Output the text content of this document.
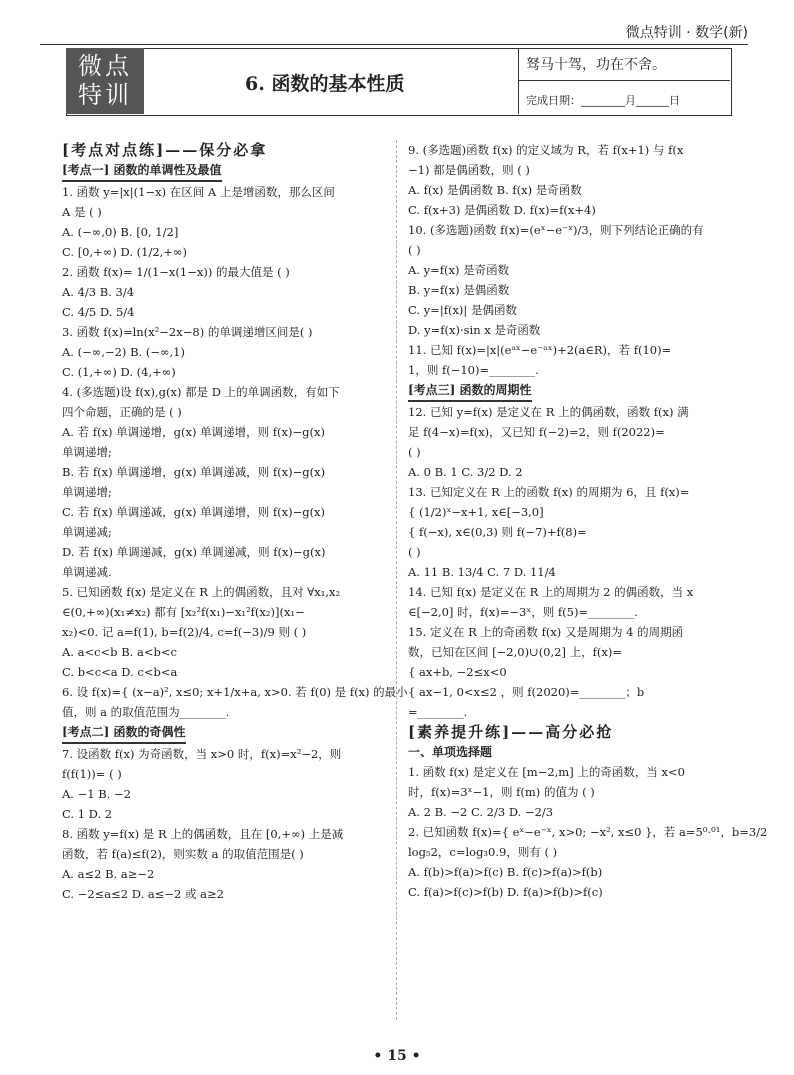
微点特训 · 数学(新)
微点
特训	6. 函数的基本性质
驽马十驾，功在不舍。
完成日期：________月______日
[考点对点练]——保分必拿
[考点一] 函数的单调性及最值
1. 函数 y=|x|(1−x) 在区间 A 上是增函数，那么区间
A 是 ( )
A. (−∞,0) B. [0, 1/2]
C. [0,+∞) D. (1/2,+∞)
2. 函数 f(x)= 1/(1−x(1−x)) 的最大值是 ( )
A. 4/3 B. 3/4
C. 4/5 D. 5/4
3. 函数 f(x)=ln(x²−2x−8) 的单调递增区间是( )
A. (−∞,−2) B. (−∞,1)
C. (1,+∞) D. (4,+∞)
4. (多选题)设 f(x),g(x) 都是 D 上的单调函数，有如下
四个命题，正确的是 ( )
A. 若 f(x) 单调递增，g(x) 单调递增，则 f(x)−g(x)
单调递增;
B. 若 f(x) 单调递增，g(x) 单调递减，则 f(x)−g(x)
单调递增;
C. 若 f(x) 单调递减，g(x) 单调递增，则 f(x)−g(x)
单调递减;
D. 若 f(x) 单调递减，g(x) 单调递减，则 f(x)−g(x)
单调递减.
5. 已知函数 f(x) 是定义在 R 上的偶函数，且对 ∀x₁,x₂
∈(0,+∞)(x₁≠x₂) 都有 [x₂²f(x₁)−x₁²f(x₂)](x₁−
x₂)<0. 记 a=f(1), b=f(2)/4, c=f(−3)/9 则 ( )
A. a<c<b B. a<b<c
C. b<c<a D. c<b<a
6. 设 f(x)={ (x−a)², x≤0; x+1/x+a, x>0. 若 f(0) 是 f(x) 的最小
值，则 a 的取值范围为________.
[考点二] 函数的奇偶性
7. 设函数 f(x) 为奇函数，当 x>0 时，f(x)=x²−2，则
f(f(1))= ( )
A. −1 B. −2
C. 1 D. 2
8. 函数 y=f(x) 是 R 上的偶函数，且在 [0,+∞) 上是减
函数，若 f(a)≤f(2)，则实数 a 的取值范围是( )
A. a≤2 B. a≥−2
C. −2≤a≤2 D. a≤−2 或 a≥2
9. (多选题)函数 f(x) 的定义域为 R，若 f(x+1) 与 f(x
−1) 都是偶函数，则 ( )
A. f(x) 是偶函数 B. f(x) 是奇函数
C. f(x+3) 是偶函数 D. f(x)=f(x+4)
10. (多选题)函数 f(x)=(eˣ−e⁻ˣ)/3，则下列结论正确的有
( )
A. y=f(x) 是奇函数
B. y=f(x) 是偶函数
C. y=|f(x)| 是偶函数
D. y=f(x)·sin x 是奇函数
11. 已知 f(x)=|x|(eᵃˣ−e⁻ᵃˣ)+2(a∈R)，若 f(10)=
1，则 f(−10)=________.
[考点三] 函数的周期性
12. 已知 y=f(x) 是定义在 R 上的偶函数，函数 f(x) 满
足 f(4−x)=f(x)，又已知 f(−2)=2，则 f(2022)=
( )
A. 0 B. 1 C. 3/2 D. 2
13. 已知定义在 R 上的函数 f(x) 的周期为 6，且 f(x)=
{ (1/2)ˣ−x+1, x∈[−3,0]
{ f(−x), x∈(0,3) 则 f(−7)+f(8)=
( )
A. 11 B. 13/4 C. 7 D. 11/4
14. 已知 f(x) 是定义在 R 上的周期为 2 的偶函数，当 x
∈[−2,0] 时，f(x)=−3ˣ，则 f(5)=________.
15. 定义在 R 上的奇函数 f(x) 又是周期为 4 的周期函
数，已知在区间 [−2,0)∪(0,2] 上，f(x)=
{ ax+b, −2≤x<0
{ ax−1, 0<x≤2 ，则 f(2020)=________；b
=________.
[素养提升练]——高分必抢
一、单项选择题
1. 函数 f(x) 是定义在 [m−2,m] 上的奇函数，当 x<0
时，f(x)=3ˣ−1，则 f(m) 的值为 ( )
A. 2 B. −2 C. 2/3 D. −2/3
2. 已知函数 f(x)={ eˣ−e⁻ˣ, x>0; −x², x≤0 }，若 a=5⁰·⁰¹，b=3/2
log₅2，c=log₃0.9，则有 ( )
A. f(b)>f(a)>f(c) B. f(c)>f(a)>f(b)
C. f(a)>f(c)>f(b) D. f(a)>f(b)>f(c)
• 15 •
